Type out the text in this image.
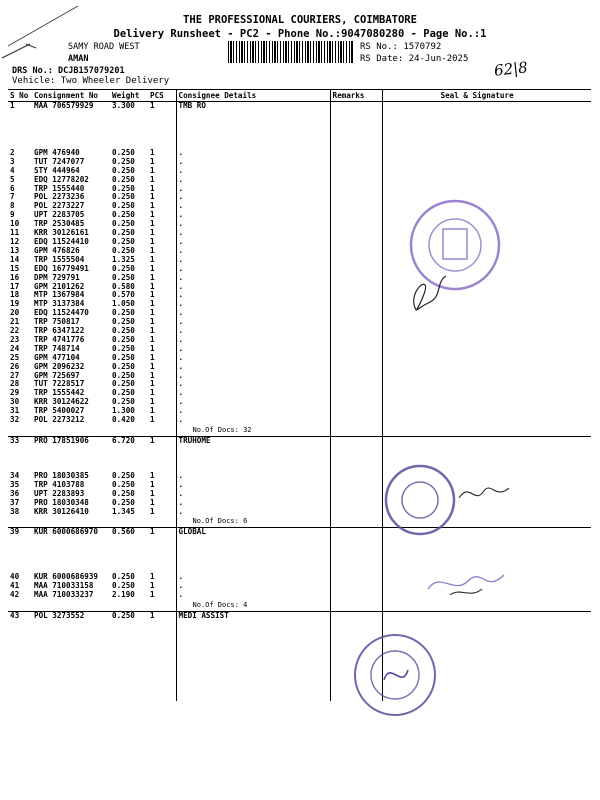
THE PROFESSIONAL COURIERS, COIMBATORE
Delivery Runsheet - PC2 - Phone No.:9047080280 - Page No.:1
SAMY ROAD WEST
AMAN
DRS No.: DCJB157079201
Vehicle: Two Wheeler Delivery
RS No.: 1570792
RS Date: 24-Jun-2025 62|8
S No	Consignment No	Weight	PCS	Consignee Details	Remarks	Seal & Signature
1	MAA 706579929	3.300	1	TMB RO		

2	GPM 476940	0.250	1	.		
3	TUT 7247077	0.250	1	.		
4	STY 444964	0.250	1	.		
5	EDQ 12778202	0.250	1	.		
6	TRP 1555440	0.250	1	.		
7	POL 2273236	0.250	1	.		
8	POL 2273227	0.250	1	.		
9	UPT 2283705	0.250	1	.		
10	TRP 2530485	0.250	1	.		
11	KRR 30126161	0.250	1	.		
12	EDQ 11524410	0.250	1	.		
13	GPM 476826	0.250	1	.		
14	TRP 1555504	1.325	1	.		
15	EDQ 16779491	0.250	1	.		
16	DPM 729791	0.250	1	.		
17	GPM 2101262	0.580	1	.		
18	MTP 1367984	0.570	1	.		
19	MTP 3137384	1.050	1	.		
20	EDQ 11524470	0.250	1	.		
21	TRP 750817	0.250	1	.		
22	TRP 6347122	0.250	1	.		
23	TRP 4741776	0.250	1	.		
24	TRP 748714	0.250	1	.		
25	GPM 477104	0.250	1	.		
26	GPM 2096232	0.250	1	.		
27	GPM 725697	0.250	1	.		
28	TUT 7228517	0.250	1	.		
29	TRP 1555442	0.250	1	.		
30	KRR 30124622	0.250	1	.		
31	TRP 5400027	1.300	1	.		
32	POL 2273212	0.420	1	.		
				No.Of Docs: 32		
33	PRO 17851906	6.720	1	TRUHOME		

34	PRO 18030385	0.250	1	.		
35	TRP 4103788	0.250	1	.		
36	UPT 2283893	0.250	1	.		
37	PRO 18030348	0.250	1	.		
38	KRR 30126410	1.345	1	.		
				No.Of Docs: 6		
39	KUR 6000686970	0.560	1	GLOBAL		

40	KUR 6000686939	0.250	1	.		
41	MAA 710033158	0.250	1	.		
42	MAA 710033237	2.190	1	.		
				No.Of Docs: 4		
43	POL 3273552	0.250	1	MEDI ASSIST		
